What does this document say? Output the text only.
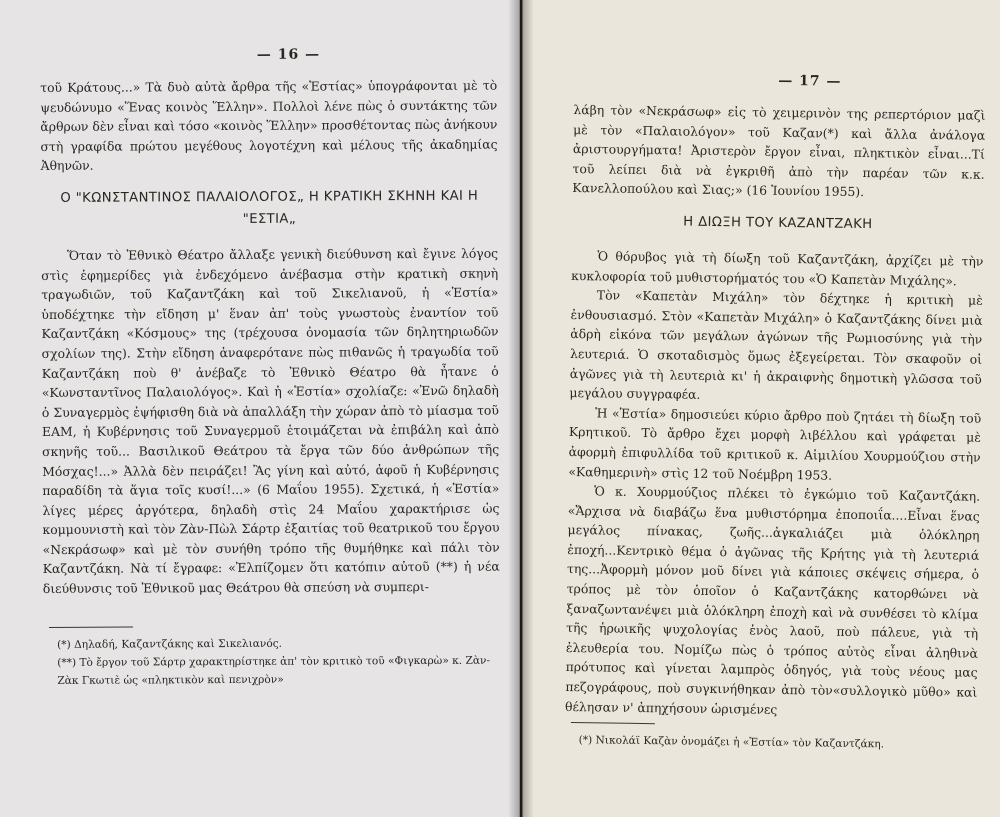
— 16 —

τοῦ Κράτους...» Τὰ δυὸ αὐτὰ ἄρθρα τῆς «Ἑστίας» ὑπογράφονται μὲ τὸ ψευδώνυμο «Ἕνας κοινὸς Ἕλλην». Πολλοὶ λένε πὼς ὁ συντάκτης τῶν ἄρθρων δὲν εἶναι καὶ τόσο «κοινὸς Ἕλλην» προσθέτοντας πὼς ἀνήκουν στὴ γραφίδα πρώτου μεγέθους λογοτέχνη καὶ μέλους τῆς ἀκαδημίας Ἀθηνῶν.

Ο "ΚΩΝΣΤΑΝΤΙΝΟΣ ΠΑΛΑΙΟΛΟΓΟΣ„ Η ΚΡΑΤΙΚΗ ΣΚΗΝΗ ΚΑΙ Η "ΕΣΤΙΑ„

Ὅταν τὸ Ἐθνικὸ Θέατρο ἄλλαξε γενικὴ διεύθυνση καὶ ἔγινε λόγος στὶς ἐφημερίδες γιὰ ἐνδεχόμενο ἀνέβασμα στὴν κρατικὴ σκηνὴ τραγωδιῶν, τοῦ Καζαντζάκη καὶ τοῦ Σικελιανοῦ, ἡ «Ἑστία» ὑποδέχτηκε τὴν εἴδηση μ' ἕναν ἀπ' τοὺς γνωστοὺς ἐναντίον τοῦ Καζαντζάκη «Κόσμους» της (τρέχουσα ὀνομασία τῶν δηλητηριωδῶν σχολίων της). Στὴν εἴδηση ἀναφερότανε πὼς πιθανῶς ἡ τραγωδία τοῦ Καζαντζάκη ποὺ θ' ἀνέβαζε τὸ Ἐθνικὸ Θέατρο θὰ ἦτανε ὁ «Κωνσταντῖνος Παλαιολόγος». Καὶ ἡ «Ἑστία» σχολίαζε: «Ἐνῶ δηλαδὴ ὁ Συναγερμὸς ἐψήφισθη διὰ νὰ ἀπαλλάξη τὴν χώραν ἀπὸ τὸ μίασμα τοῦ ΕΑΜ, ἡ Κυβέρνησις τοῦ Συναγερμοῦ ἑτοιμάζεται νὰ ἐπιβάλη καὶ ἀπὸ σκηνῆς τοῦ... Βασιλικοῦ Θεάτρου τὰ ἔργα τῶν δύο ἀνθρώπων τῆς Μόσχας!...» Ἀλλὰ δὲν πειράζει! Ἂς γίνη καὶ αὐτό, ἀφοῦ ἡ Κυβέρνησις παραδίδη τὰ ἅγια τοῖς κυσί!...» (6 Μαΐου 1955). Σχετικά, ἡ «Ἑστία» λίγες μέρες ἀργότερα, δηλαδὴ στὶς 24 Μαΐου χαρακτήρισε ὡς κομμουνιστὴ καὶ τὸν Ζὰν-Πὼλ Σάρτρ ἐξαιτίας τοῦ θεατρικοῦ του ἔργου «Νεκράσωφ» καὶ μὲ τὸν συνήθη τρόπο τῆς θυμήθηκε καὶ πάλι τὸν Καζαντζάκη. Νὰ τί ἔγραφε: «Ἐλπίζομεν ὅτι κατόπιν αὐτοῦ (**) ἡ νέα διεύθυνσις τοῦ Ἐθνικοῦ μας Θεάτρου θὰ σπεύση νὰ συμπερι-

(*) Δηλαδή, Καζαντζάκης καὶ Σικελιανός.

(**) Τὸ ἔργον τοῦ Σάρτρ χαρακτηρίστηκε ἀπ' τὸν κριτικὸ τοῦ «Φιγκαρὼ» κ. Ζὰν-Ζὰκ Γκωτιὲ ὡς «πληκτικὸν καὶ πενιχρὸν»

— 17 —

λάβη τὸν «Νεκράσωφ» εἰς τὸ χειμερινὸν της ρεπερτόριον μαζὶ μὲ τὸν «Παλαιολόγον» τοῦ Καζαν(*) καὶ ἄλλα ἀνάλογα ἀριστουργήματα! Ἀριστερὸν ἔργον εἶναι, πληκτικὸν εἶναι...Τί τοῦ λείπει διὰ νὰ ἐγκριθῆ ἀπὸ τὴν παρέαν τῶν κ.κ. Κανελλοπούλου καὶ Σιας;» (16 Ἰουνίου 1955).

Η ΔΙΩΞΗ ΤΟΥ ΚΑΖΑΝΤΖΑΚΗ

Ὁ θόρυβος γιὰ τὴ δίωξη τοῦ Καζαντζάκη, ἀρχίζει μὲ τὴν κυκλοφορία τοῦ μυθιστορήματός του «Ὁ Καπετὰν Μιχάλης».

Τὸν «Καπετὰν Μιχάλη» τὸν δέχτηκε ἡ κριτικὴ μὲ ἐνθουσιασμό. Στὸν «Καπετὰν Μιχάλη» ὁ Καζαντζάκης δίνει μιὰ ἁδρὴ εἰκόνα τῶν μεγάλων ἀγώνων τῆς Ρωμιοσύνης γιὰ τὴν λευτεριά. Ὁ σκοταδισμὸς ὅμως ἐξεγείρεται. Τὸν σκαφοῦν οἱ ἀγῶνες γιὰ τὴ λευτεριὰ κι' ἡ ἀκραιφνὴς δημοτικὴ γλῶσσα τοῦ μεγάλου συγγραφέα.

Ἡ «Ἑστία» δημοσιεύει κύριο ἄρθρο ποὺ ζητάει τὴ δίωξη τοῦ Κρητικοῦ. Τὸ ἄρθρο ἔχει μορφὴ λιβέλλου καὶ γράφεται μὲ ἀφορμὴ ἐπιφυλλίδα τοῦ κριτικοῦ κ. Αἰμιλίου Χουρμούζιου στὴν «Καθημερινὴ» στὶς 12 τοῦ Νοέμβρη 1953.

Ὁ κ. Χουρμούζιος πλέκει τὸ ἐγκώμιο τοῦ Καζαντζάκη. «Ἄρχισα νὰ διαβάζω ἕνα μυθιστόρημα ἐποποιΐα....Εἶναι ἕνας μεγάλος πίνακας, ζωῆς...ἀγκαλιάζει μιὰ ὁλόκληρη ἐποχή...Κεντρικὸ θέμα ὁ ἀγῶνας τῆς Κρήτης γιὰ τὴ λευτεριά της...Ἀφορμὴ μόνον μοῦ δίνει γιὰ κάποιες σκέψεις σήμερα, ὁ τρόπος μὲ τὸν ὁποῖον ὁ Καζαντζάκης κατορθώνει νὰ ξαναζωντανέψει μιὰ ὁλόκληρη ἐποχὴ καὶ νὰ συνθέσει τὸ κλίμα τῆς ἡρωικῆς ψυχολογίας ἑνὸς λαοῦ, ποὺ πάλευε, γιὰ τὴ ἐλευθερία του. Νομίζω πὼς ὁ τρόπος αὐτὸς εἶναι ἀληθινὰ πρότυπος καὶ γίνεται λαμπρὸς ὁδηγός, γιὰ τοὺς νέους μας πεζογράφους, ποὺ συγκινήθηκαν ἀπὸ τὸν«συλλογικὸ μῦθο» καὶ θέλησαν ν' ἀπηχήσουν ὡρισμένες

(*) Νικολάϊ Καζὰν ὀνομάζει ἡ «Ἑστία» τὸν Καζαντζάκη.
